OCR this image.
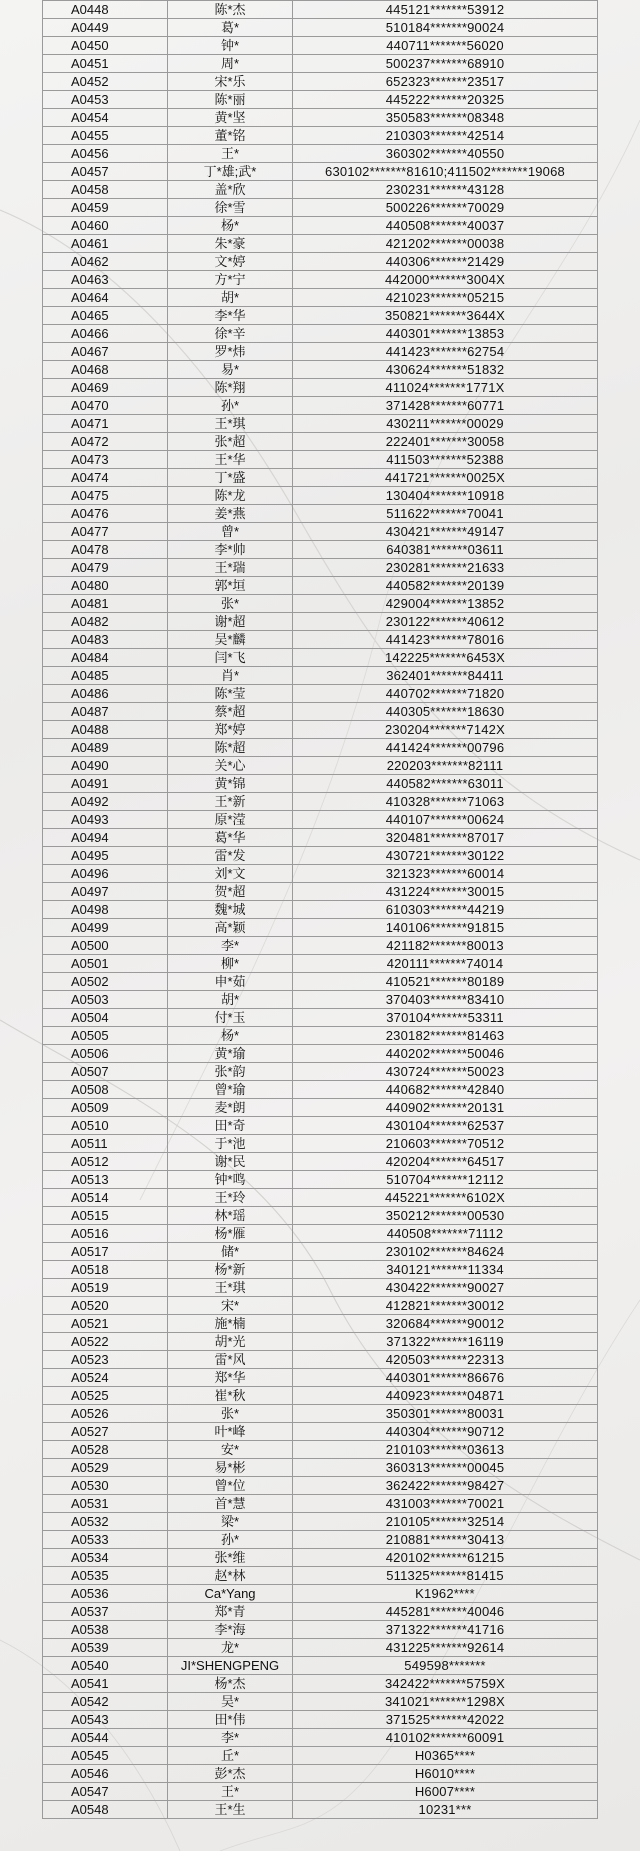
A0448	陈*杰	445121*******53912
A0449	葛*	510184*******90024
A0450	钟*	440711*******56020
A0451	周*	500237*******68910
A0452	宋*乐	652323*******23517
A0453	陈*丽	445222*******20325
A0454	黄*坚	350583*******08348
A0455	董*铭	210303*******42514
A0456	王*	360302*******40550
A0457	丁*雄;武*	630102*******81610;411502*******19068
A0458	盖*欣	230231*******43128
A0459	徐*雪	500226*******70029
A0460	杨*	440508*******40037
A0461	朱*豪	421202*******00038
A0462	文*婷	440306*******21429
A0463	方*宁	442000*******3004X
A0464	胡*	421023*******05215
A0465	李*华	350821*******3644X
A0466	徐*辛	440301*******13853
A0467	罗*炜	441423*******62754
A0468	易*	430624*******51832
A0469	陈*翔	411024*******1771X
A0470	孙*	371428*******60771
A0471	王*琪	430211*******00029
A0472	张*超	222401*******30058
A0473	王*华	411503*******52388
A0474	丁*盛	441721*******0025X
A0475	陈*龙	130404*******10918
A0476	姜*燕	511622*******70041
A0477	曾*	430421*******49147
A0478	李*帅	640381*******03611
A0479	王*瑞	230281*******21633
A0480	郭*垣	440582*******20139
A0481	张*	429004*******13852
A0482	谢*超	230122*******40612
A0483	吴*麟	441423*******78016
A0484	闫*飞	142225*******6453X
A0485	肖*	362401*******84411
A0486	陈*莹	440702*******71820
A0487	蔡*超	440305*******18630
A0488	郑*婷	230204*******7142X
A0489	陈*超	441424*******00796
A0490	关*心	220203*******82111
A0491	黄*锦	440582*******63011
A0492	王*新	410328*******71063
A0493	原*滢	440107*******00624
A0494	葛*华	320481*******87017
A0495	雷*发	430721*******30122
A0496	刘*文	321323*******60014
A0497	贺*超	431224*******30015
A0498	魏*城	610303*******44219
A0499	高*颖	140106*******91815
A0500	李*	421182*******80013
A0501	柳*	420111*******74014
A0502	申*茹	410521*******80189
A0503	胡*	370403*******83410
A0504	付*玉	370104*******53311
A0505	杨*	230182*******81463
A0506	黄*瑜	440202*******50046
A0507	张*韵	430724*******50023
A0508	曾*瑜	440682*******42840
A0509	麦*朗	440902*******20131
A0510	田*奇	430104*******62537
A0511	于*池	210603*******70512
A0512	谢*民	420204*******64517
A0513	钟*鸣	510704*******12112
A0514	王*玲	445221*******6102X
A0515	林*瑶	350212*******00530
A0516	杨*雁	440508*******71112
A0517	储*	230102*******84624
A0518	杨*新	340121*******11334
A0519	王*琪	430422*******90027
A0520	宋*	412821*******30012
A0521	施*楠	320684*******90012
A0522	胡*光	371322*******16119
A0523	雷*风	420503*******22313
A0524	郑*华	440301*******86676
A0525	崔*秋	440923*******04871
A0526	张*	350301*******80031
A0527	叶*峰	440304*******90712
A0528	安*	210103*******03613
A0529	易*彬	360313*******00045
A0530	曾*位	362422*******98427
A0531	首*慧	431003*******70021
A0532	梁*	210105*******32514
A0533	孙*	210881*******30413
A0534	张*维	420102*******61215
A0535	赵*林	511325*******81415
A0536	Ca*Yang	K1962****
A0537	郑*青	445281*******40046
A0538	李*海	371322*******41716
A0539	龙*	431225*******92614
A0540	JI*SHENGPENG	549598*******
A0541	杨*杰	342422*******5759X
A0542	吴*	341021*******1298X
A0543	田*伟	371525*******42022
A0544	李*	410102*******60091
A0545	丘*	H0365****
A0546	彭*杰	H6010****
A0547	王*	H6007****
A0548	王*生	10231***
